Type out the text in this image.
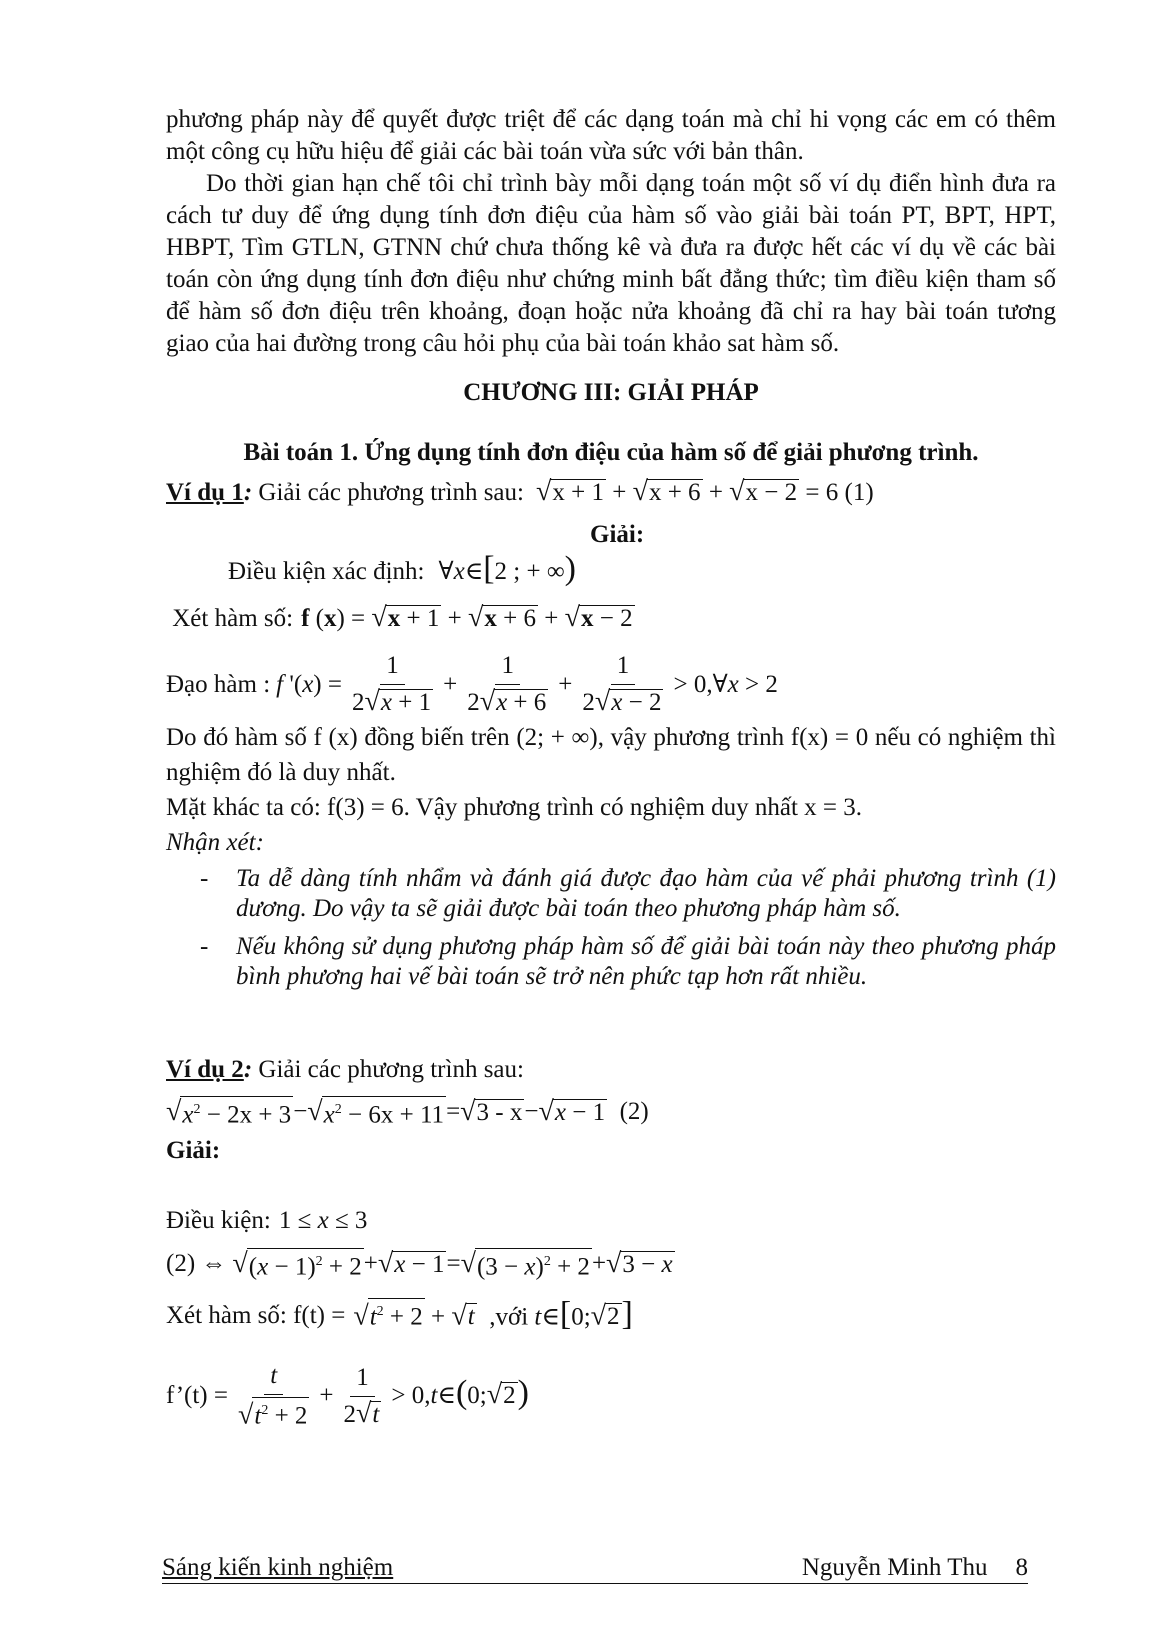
phương pháp này để quyết được triệt để các dạng toán mà chỉ hi vọng các em có thêm một công cụ hữu hiệu để giải các bài toán vừa sức với bản thân.
Do thời gian hạn chế tôi chỉ trình bày mỗi dạng toán một số ví dụ điển hình đưa ra cách tư duy để ứng dụng tính đơn điệu của hàm số vào giải bài toán PT, BPT, HPT, HBPT, Tìm GTLN, GTNN chứ chưa thống kê và đưa ra được hết các ví dụ về các bài toán còn ứng dụng tính đơn điệu như chứng minh bất đẳng thức; tìm điều kiện tham số để hàm số đơn điệu trên khoảng, đoạn hoặc nửa khoảng đã chỉ ra hay bài toán tương giao của hai đường trong câu hỏi phụ của bài toán khảo sat hàm số.
CHƯƠNG III: GIẢI PHÁP
Bài toán 1. Ứng dụng tính đơn điệu của hàm số để giải phương trình.
Ví dụ 1 :
Giải các phương trình sau: √x + 1 + √x + 6 + √x − 2 = 6 (1)
Giải:
Điều kiện xác định: ∀x∈[2 ; + ∞)

Xét hàm số: f (x) = √x + 1 + √x + 6 + √x − 2
Đạo hàm : f '$(x) = \frac{1}{2√x + 1} + \frac{1}{2√x + 6} + \frac{1}{2√x - 2}$ > 0,∀x > 2
Do đó hàm số f (x) đồng biến trên (2; + ∞), vậy phương trình f(x) = 0 nếu có nghiệm thì nghiệm đó là duy nhất.
Mặt khác ta có: f(3) = 6. Vậy phương trình có nghiệm duy nhất x = 3.
Nhận xét:
- Ta dễ dàng tính nhẩm và đánh giá được đạo hàm của vế phải phương trình (1) dương. Do vậy ta sẽ giải được bài toán theo phương pháp hàm số.
- Nếu không sử dụng phương pháp hàm số để giải bài toán này theo phương pháp bình phương hai vế bài toán sẽ trở nên phức tạp hơn rất nhiều.
Ví dụ 2 :
Giải các phương trình sau:
√ $x^2 - 2x + 3$ − √ $x^2 - 6x + 11$ = √ 3 - x − √ x − 1 (2)
Giải:
Điều kiện: 1 ≤ x ≤ 3
(2) ⇔ √ $(x - 1)^2 + 2$ + √ x − 1 = √ $(3 - x)^2 + 2$ + √ 3 − x
Xét hàm số: $f(t) = √t^2 + 2 + √t$  ,với t∈[0;√2]
f’(t) = $\frac{t}{√t^2 + 2} + \frac{1}{2√t}$ > 0,t∈(0;√2)
Sáng kiến kinh nghiệm	Nguyễn Minh Thu 8
